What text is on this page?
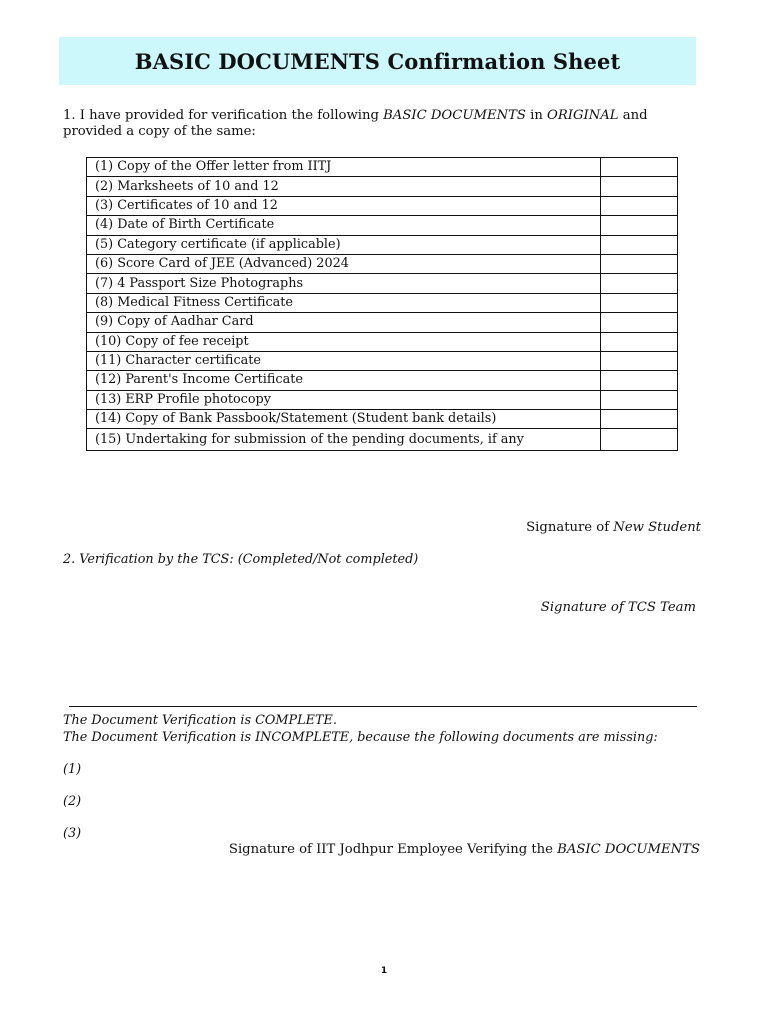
BASIC DOCUMENTS Confirmation Sheet
1. I have provided for verification the following BASIC DOCUMENTS in ORIGINAL and provided a copy of the same:
(1) Copy of the Offer letter from IITJ	
(2) Marksheets of 10 and 12	
(3) Certificates of 10 and 12	
(4) Date of Birth Certificate	
(5) Category certificate (if applicable)	
(6) Score Card of JEE (Advanced) 2024	
(7) 4 Passport Size Photographs	
(8) Medical Fitness Certificate	
(9) Copy of Aadhar Card	
(10) Copy of fee receipt	
(11) Character certificate	
(12) Parent's Income Certificate	
(13) ERP Profile photocopy	
(14) Copy of Bank Passbook/Statement (Student bank details)	
(15) Undertaking for submission of the pending documents, if any	
Signature of New Student
2. Verification by the TCS: (Completed/Not completed)
Signature of TCS Team
The Document Verification is COMPLETE.
The Document Verification is INCOMPLETE, because the following documents are missing:
(1)
(2)
(3)
Signature of IIT Jodhpur Employee Verifying the BASIC DOCUMENTS
1
